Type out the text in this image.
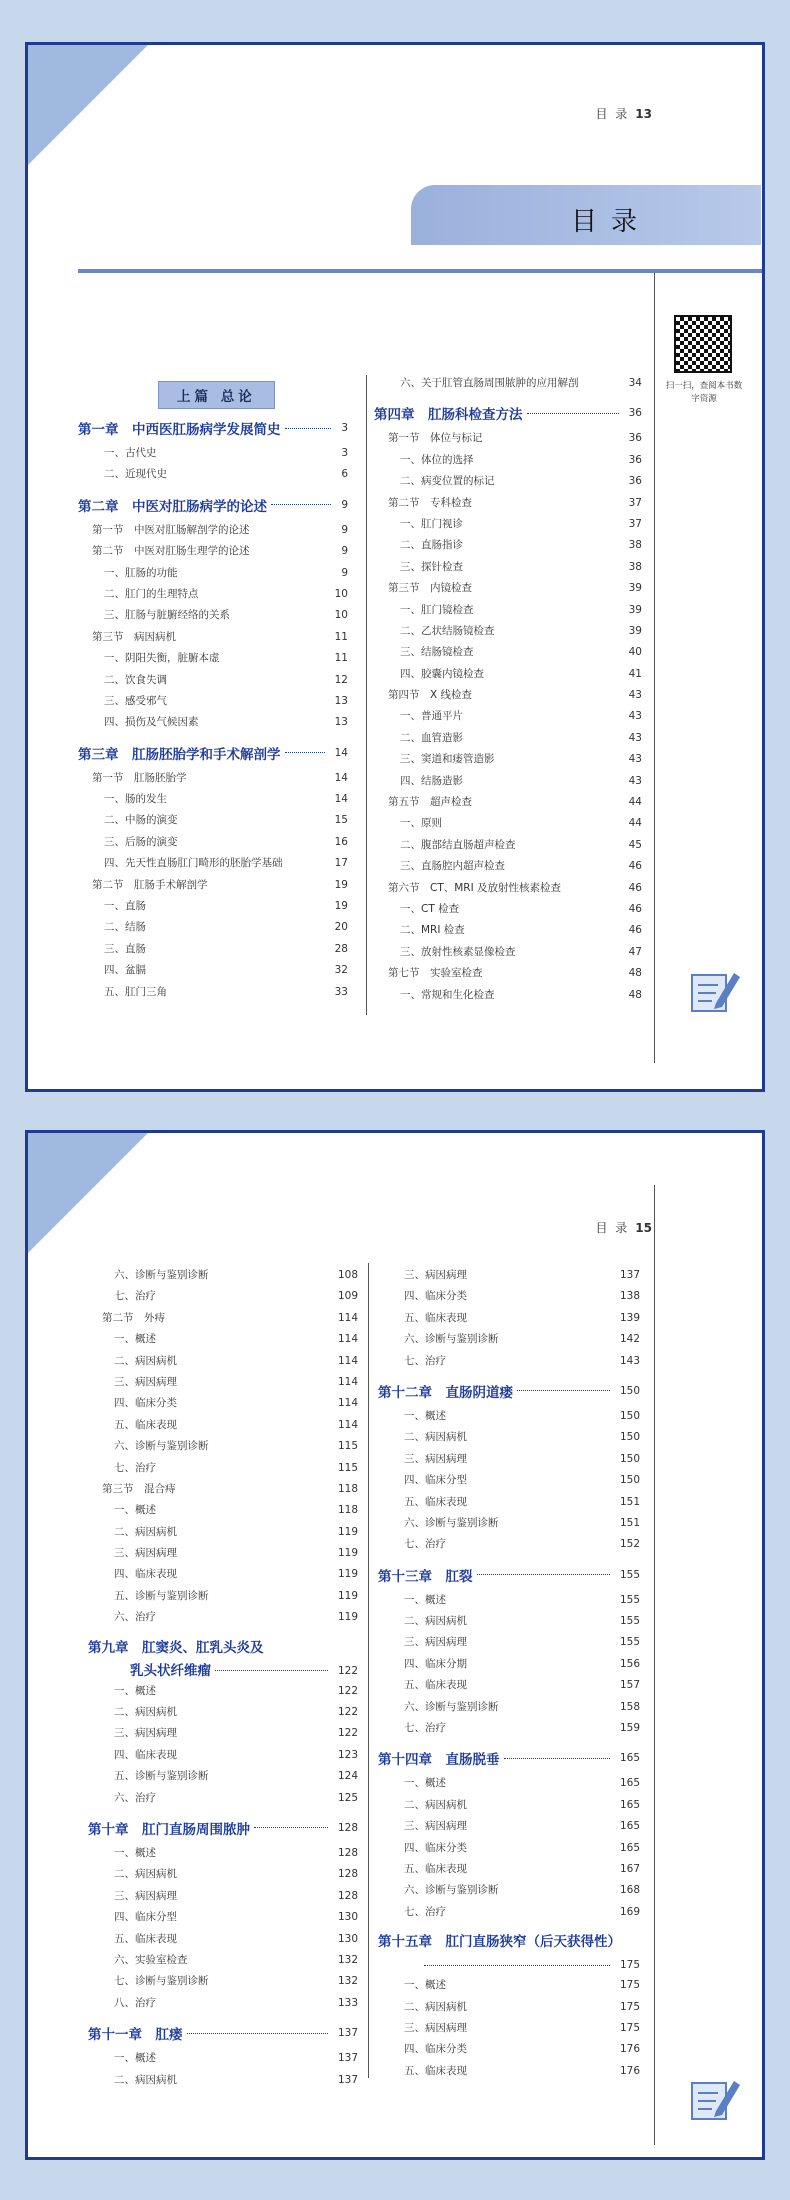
目 录 13
目录
扫一扫，查阅本书数字资源
上篇 总论
第一章　中西医肛肠病学发展简史	3
一、古代史	3
二、近现代史	6
第二章　中医对肛肠病学的论述	9
第一节　中医对肛肠解剖学的论述	9
第二节　中医对肛肠生理学的论述	9
一、肛肠的功能	9
二、肛门的生理特点	10
三、肛肠与脏腑经络的关系	10
第三节　病因病机	11
一、阴阳失衡，脏腑本虚	11
二、饮食失调	12
三、感受邪气	13
四、损伤及气候因素	13
第三章　肛肠胚胎学和手术解剖学	14
第一节　肛肠胚胎学	14
一、肠的发生	14
二、中肠的演变	15
三、后肠的演变	16
四、先天性直肠肛门畸形的胚胎学基础	17
第二节　肛肠手术解剖学	19
一、直肠	19
二、结肠	20
三、直肠	28
四、盆膈	32
五、肛门三角	33
六、关于肛管直肠周围脓肿的应用解剖	34
第四章　肛肠科检查方法	36
第一节　体位与标记	36
一、体位的选择	36
二、病变位置的标记	36
第二节　专科检查	37
一、肛门视诊	37
二、直肠指诊	38
三、探针检查	38
第三节　内镜检查	39
一、肛门镜检查	39
二、乙状结肠镜检查	39
三、结肠镜检查	40
四、胶囊内镜检查	41
第四节　X 线检查	43
一、普通平片	43
二、血管造影	43
三、窦道和瘘管造影	43
四、结肠造影	43
第五节　超声检查	44
一、原则	44
二、腹部结直肠超声检查	45
三、直肠腔内超声检查	46
第六节　CT、MRI 及放射性核素检查	46
一、CT 检查	46
二、MRI 检查	46
三、放射性核素显像检查	47
第七节　实验室检查	48
一、常规和生化检查	48
目 录 15
六、诊断与鉴别诊断	108
七、治疗	109
第二节　外痔	114
一、概述	114
二、病因病机	114
三、病因病理	114
四、临床分类	114
五、临床表现	114
六、诊断与鉴别诊断	115
七、治疗	115
第三节　混合痔	118
一、概述	118
二、病因病机	119
三、病因病理	119
四、临床表现	119
五、诊断与鉴别诊断	119
六、治疗	119
第九章　肛窦炎、肛乳头炎及
乳头状纤维瘤	122
一、概述	122
二、病因病机	122
三、病因病理	122
四、临床表现	123
五、诊断与鉴别诊断	124
六、治疗	125
第十章　肛门直肠周围脓肿	128
一、概述	128
二、病因病机	128
三、病因病理	128
四、临床分型	130
五、临床表现	130
六、实验室检查	132
七、诊断与鉴别诊断	132
八、治疗	133
第十一章　肛瘘	137
一、概述	137
二、病因病机	137
三、病因病理	137
四、临床分类	138
五、临床表现	139
六、诊断与鉴别诊断	142
七、治疗	143
第十二章　直肠阴道瘘	150
一、概述	150
二、病因病机	150
三、病因病理	150
四、临床分型	150
五、临床表现	151
六、诊断与鉴别诊断	151
七、治疗	152
第十三章　肛裂	155
一、概述	155
二、病因病机	155
三、病因病理	155
四、临床分期	156
五、临床表现	157
六、诊断与鉴别诊断	158
七、治疗	159
第十四章　直肠脱垂	165
一、概述	165
二、病因病机	165
三、病因病理	165
四、临床分类	165
五、临床表现	167
六、诊断与鉴别诊断	168
七、治疗	169
第十五章　肛门直肠狭窄（后天获得性）
175
一、概述	175
二、病因病机	175
三、病因病理	175
四、临床分类	176
五、临床表现	176
